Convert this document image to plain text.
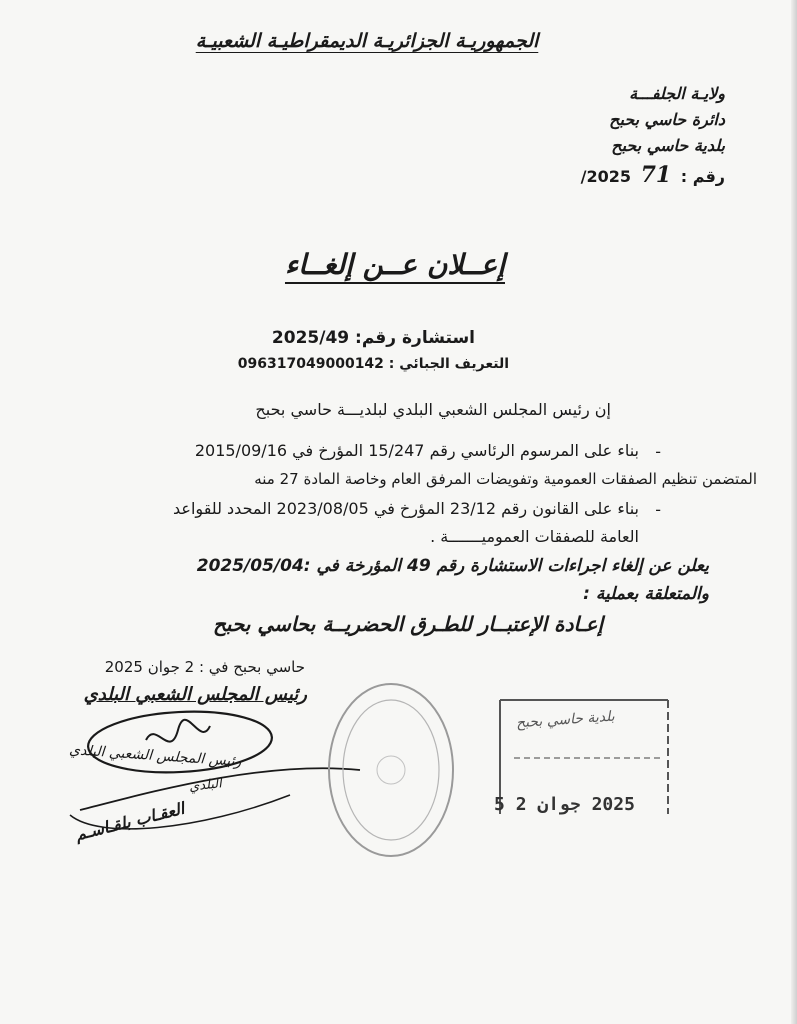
الجمهوريـة الجزائريـة الديمقراطيـة الشعبيـة
ولايـة الجلفـــة
دائرة حاسي بحبح
بلدية حاسي بحبح
رقم : 71 2025/
إعــلان عــن إلغــاء
استشارة رقم: 2025/49
التعريف الجبائي : 096317049000142
إن رئيس المجلس الشعبي البلدي لبلديـــة حاسي بحبح
-
بناء على المرسوم الرئاسي رقم 15/247 المؤرخ في 2015/09/16
المتضمن تنظيم الصفقات العمومية وتفويضات المرفق العام وخاصة المادة 27 منه
-
بناء على القانون رقم 23/12 المؤرخ في 2023/08/05 المحدد للقواعد
العامة للصفقات العموميـــــــة .
يعلن عن إلغاء اجراءات الاستشارة رقم 49 المؤرخة في :2025/05/04
والمتعلقة بعملية :
إعـادة الإعتبــار للطـرق الحضريــة بحاسي بحبح
حاسي بحبح في : 2 جوان 2025
رئيس المجلس الشعبي البلدي
رئيس المجلس الشعبي البلدي
البلدي
العقـاب بلقـاسـم
بلدية حاسي بحبح
2025 جوان 2 5
